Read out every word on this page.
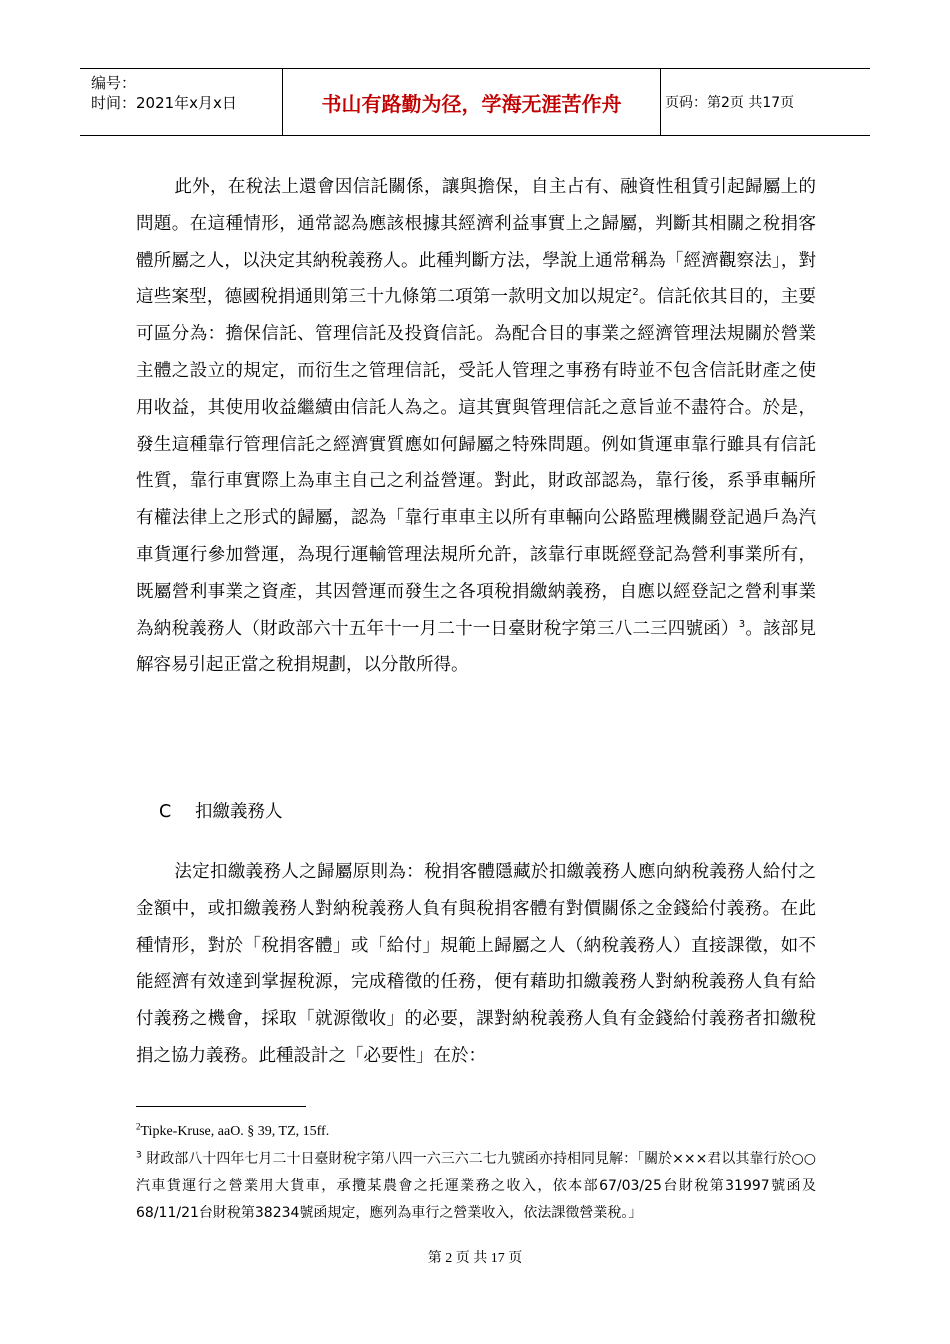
编号：
时间：2021年x月x日	书山有路勤为径，学海无涯苦作舟	页码：第2页 共17页
此外，在稅法上還會因信託關係，讓與擔保，自主占有、融資性租賃引起歸屬上的問題。在這種情形，通常認為應該根據其經濟利益事實上之歸屬，判斷其相關之稅捐客體所屬之人，以決定其納稅義務人。此種判斷方法，學說上通常稱為「經濟觀察法」，對這些案型，德國稅捐通則第三十九條第二項第一款明文加以規定$^2$。信託依其目的，主要可區分為：擔保信託、管理信託及投資信託。為配合目的事業之經濟管理法規關於營業主體之設立的規定，而衍生之管理信託，受託人管理之事務有時並不包含信託財產之使用收益，其使用收益繼續由信託人為之。這其實與管理信託之意旨並不盡符合。於是，發生這種靠行管理信託之經濟實質應如何歸屬之特殊問題。例如貨運車靠行雖具有信託性質，靠行車實際上為車主自己之利益營運。對此，財政部認為，靠行後，系爭車輛所有權法律上之形式的歸屬，認為「靠行車車主以所有車輛向公路監理機關登記過戶為汽車貨運行參加營運，為現行運輸管理法規所允許，該靠行車既經登記為營利事業所有，既屬營利事業之資產，其因營運而發生之各項稅捐繳納義務，自應以經登記之營利事業為納稅義務人（財政部六十五年十一月二十一日臺財稅字第三八二三四號函）$^3$。該部見解容易引起正當之稅捐規劃，以分散所得。
C 扣繳義務人
法定扣繳義務人之歸屬原則為：稅捐客體隱藏於扣繳義務人應向納稅義務人給付之金額中，或扣繳義務人對納稅義務人負有與稅捐客體有對價關係之金錢給付義務。在此種情形，對於「稅捐客體」或「給付」規範上歸屬之人（納稅義務人）直接課徵，如不能經濟有效達到掌握稅源，完成稽徵的任務，便有藉助扣繳義務人對納稅義務人負有給付義務之機會，採取「就源徵收」的必要，課對納稅義務人負有金錢給付義務者扣繳稅捐之協力義務。此種設計之「必要性」在於：
$^2$Tipke-Kruse, aaO. § 39, TZ, 15ff.
$^3$ 財政部八十四年七月二十日臺財稅字第八四一六三六二七九號函亦持相同見解：「關於×××君以其靠行於○○汽車貨運行之營業用大貨車，承攬某農會之托運業務之收入，依本部67/03/25台財稅第31997號函及68/11/21台財稅第38234號函規定，應列為車行之營業收入，依法課徵營業稅。」
第 2 页 共 17 页
